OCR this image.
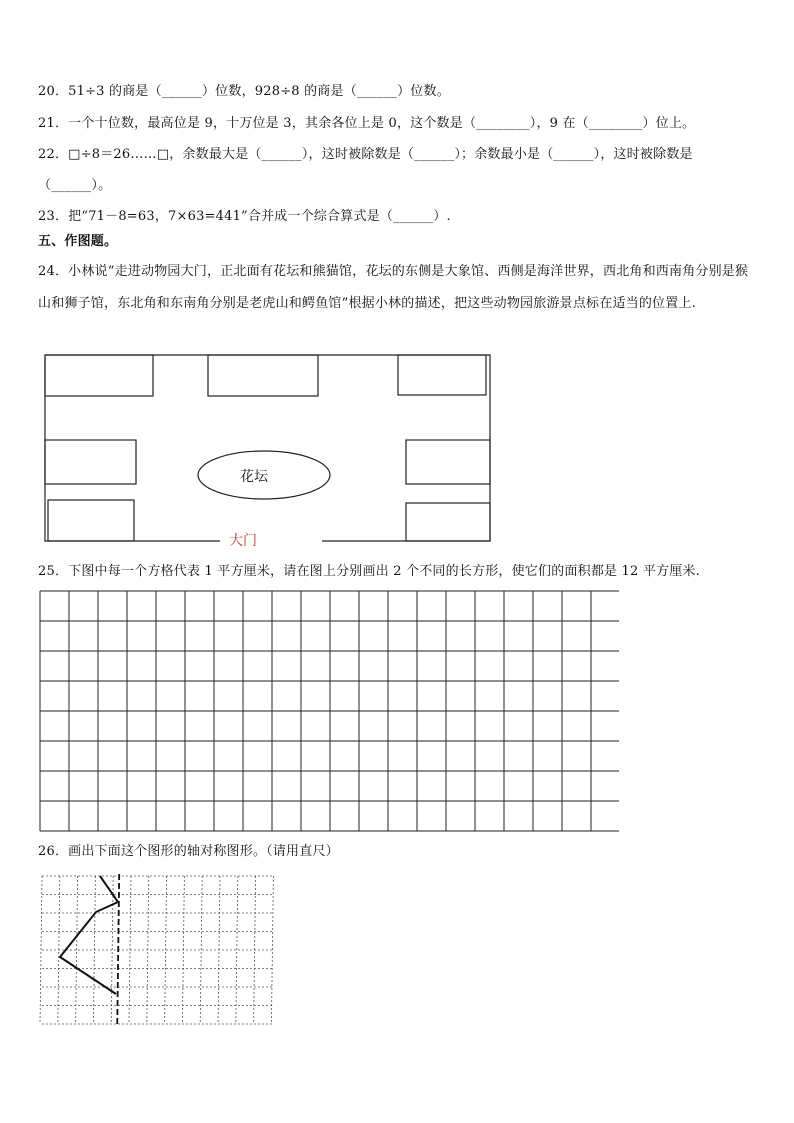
20．51÷3 的商是（______）位数，928÷8 的商是（______）位数。
21．一个十位数，最高位是 9，十万位是 3，其余各位上是 0，这个数是（________），9 在（________）位上。
22．□÷8＝26……□，余数最大是（______），这时被除数是（______）；余数最小是（______），这时被除数是
（______）。
23．把“71－8=63，7×63=441”合并成一个综合算式是（______）.
五、作图题。
24．小林说“走进动物园大门，正北面有花坛和熊猫馆，花坛的东侧是大象馆、西侧是海洋世界，西北角和西南角分别是猴山和狮子馆，东北角和东南角分别是老虎山和鳄鱼馆”根据小林的描述，把这些动物园旅游景点标在适当的位置上.
花坛
大门
25．下图中每一个方格代表 1 平方厘米，请在图上分别画出 2 个不同的长方形，使它们的面积都是 12 平方厘米.
26．画出下面这个图形的轴对称图形。（请用直尺）
